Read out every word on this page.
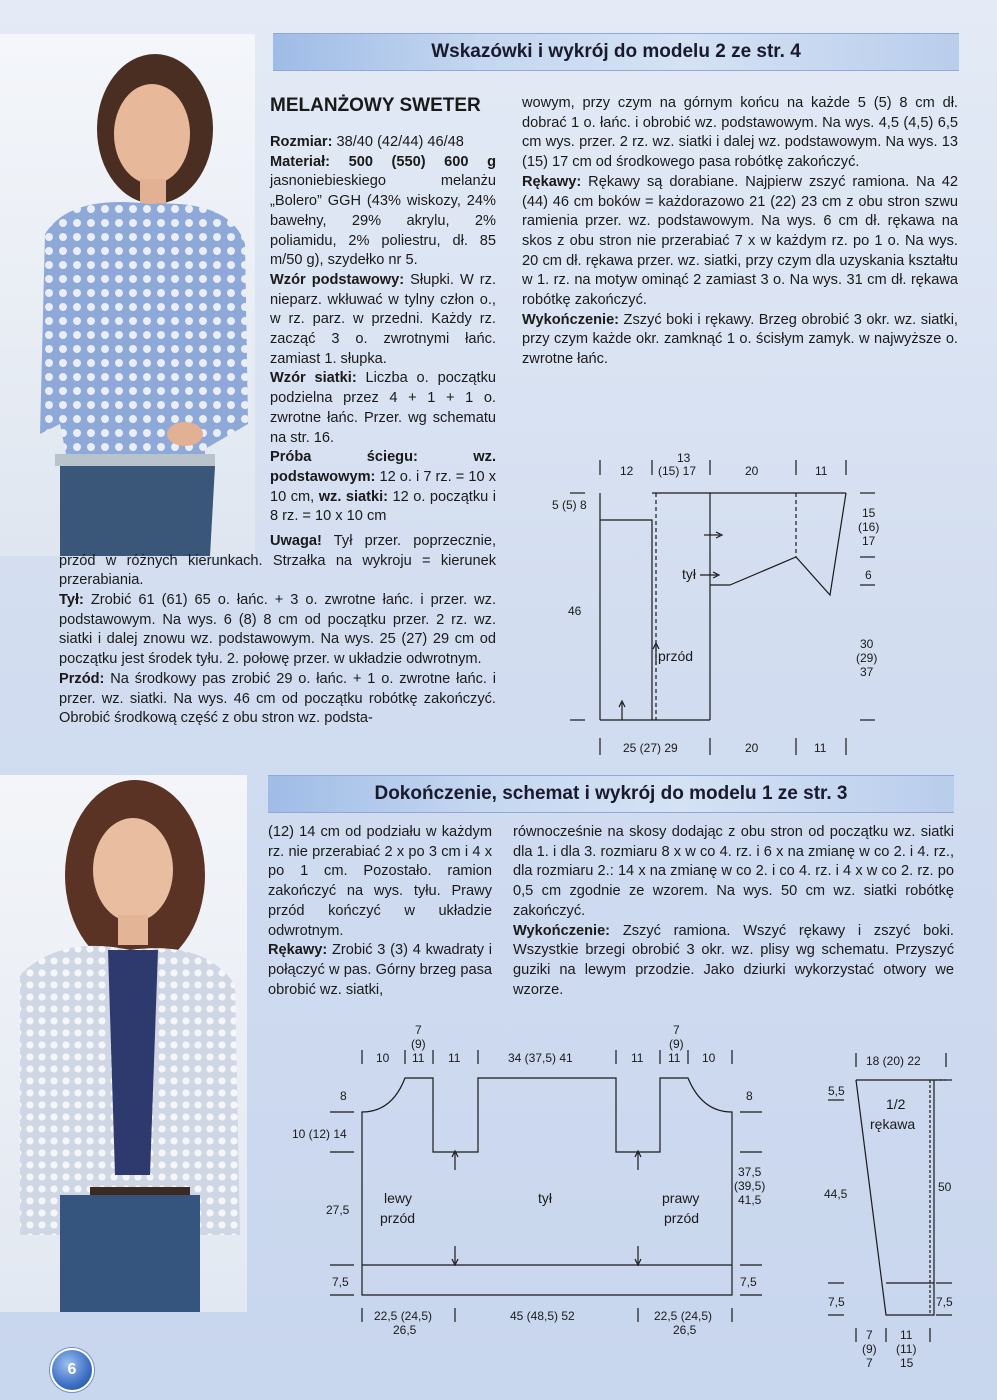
Wskazówki i wykrój do modelu 2 ze str. 4
MELANŻOWY SWETER

Rozmiar: 38/40 (42/44) 46/48

Materiał: 500 (550) 600 g jasnoniebieskiego melanżu „Bolero” GGH (43% wiskozy, 24% bawełny, 29% akrylu, 2% poliamidu, 2% poliestru, dł. 85 m/50 g), szydełko nr 5.

Wzór podstawowy: Słupki. W rz. nieparz. wkłuwać w tylny człon o., w rz. parz. w przedni. Każdy rz. zacząć 3 o. zwrotnymi łańc. zamiast 1. słupka.

Wzór siatki: Liczba o. początku podzielna przez 4 + 1 + 1 o. zwrotne łańc. Przer. wg schematu na str. 16.

Próba ściegu: wz. podstawowym: 12 o. i 7 rz. = 10 x 10 cm, wz. siatki: 12 o. początku i 8 rz. = 10 x 10 cm

Uwaga! Tył przer. poprzecznie, przód w różnych kierunkach. Strzałka na wykroju = kierunek przerabiania.

Tył: Zrobić 61 (61) 65 o. łańc. + 3 o. zwrotne łańc. i przer. wz. podstawowym. Na wys. 6 (8) 8 cm od początku przer. 2 rz. wz. siatki i dalej znowu wz. podstawowym. Na wys. 25 (27) 29 cm od początku jest środek tyłu. 2. połowę przer. w układzie odwrotnym.

Przód: Na środkowy pas zrobić 29 o. łańc. + 1 o. zwrotne łańc. i przer. wz. siatki. Na wys. 46 cm od początku robótkę zakończyć. Obrobić środkową część z obu stron wz. podsta-

wowym, przy czym na górnym końcu na każde 5 (5) 8 cm dł. dobrać 1 o. łańc. i obrobić wz. podstawowym. Na wys. 4,5 (4,5) 6,5 cm wys. przer. 2 rz. wz. siatki i dalej wz. podstawowym. Na wys. 13 (15) 17 cm od środkowego pasa robótkę zakończyć.

Rękawy: Rękawy są dorabiane. Najpierw zszyć ramiona. Na 42 (44) 46 cm boków = każdorazowo 21 (22) 23 cm z obu stron szwu ramienia przer. wz. podstawowym. Na wys. 6 cm dł. rękawa na skos z obu stron nie przerabiać 7 x w każdym rz. po 1 o. Na wys. 20 cm dł. rękawa przer. wz. siatki, przy czym dla uzyskania kształtu w 1. rz. na motyw ominąć 2 zamiast 3 o. Na wys. 31 cm dł. rękawa robótkę zakończyć.

Wykończenie: Zszyć boki i rękawy. Brzeg obrobić 3 okr. wz. siatki, przy czym każde okr. zamknąć 1 o. ścisłym zamyk. w najwyższe o. zwrotne łańc.

12
13
(15) 17	20	11
5 (5) 8
46
15
(16)
17
6
30
(29)
37
tył
przód
25 (27) 29	20	11
Dokończenie, schemat i wykrój do modelu 1 ze str. 3

(12) 14 cm od podziału w każdym rz. nie przerabiać 2 x po 3 cm i 4 x po 1 cm. Pozostało. ramion zakończyć na wys. tyłu. Prawy przód kończyć w układzie odwrotnym.

Rękawy: Zrobić 3 (3) 4 kwadraty i połączyć w pas. Górny brzeg pasa obrobić wz. siatki,

równocześnie na skosy dodając z obu stron od początku wz. siatki dla 1. i dla 3. rozmiaru 8 x w co 4. rz. i 6 x na zmianę w co 2. i 4. rz., dla rozmiaru 2.: 14 x na zmianę w co 2. i co 4. rz. i 4 x w co 2. rz. po 0,5 cm zgodnie ze wzorem. Na wys. 50 cm wz. siatki robótkę zakończyć.

Wykończenie: Zszyć ramiona. Wszyć rękawy i zszyć boki. Wszystkie brzegi obrobić 3 okr. wz. plisy wg schematu. Przyszyć guziki na lewym przodzie. Jako dziurki wykorzystać otwory we wzorze.

10
7
(9)
11 11	34 (37,5) 41	11
7
(9)
11 10
8
10 (12) 14
27,5
7,5
8
37,5
(39,5)
41,5
7,5
lewy
przód
tył	prawy
przód
22,5 (24,5)
26,5
45 (48,5) 52	22,5 (24,5)
26,5
18 (20) 22
1/2
rękawa
5,5
44,5
7,5
50
7,5
7
(9)
7
11
(11)
15
6
